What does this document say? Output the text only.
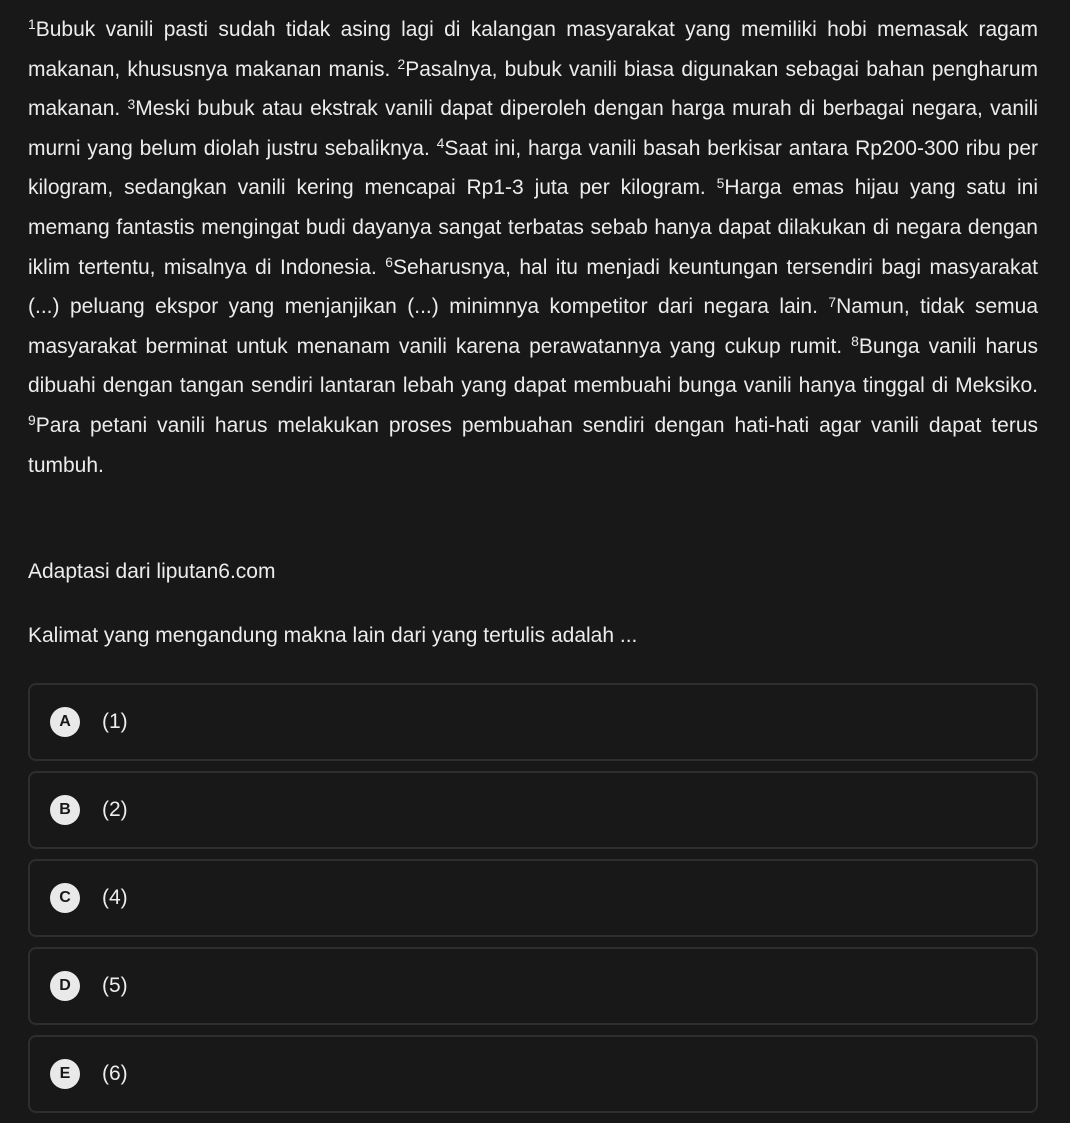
$^1$Bubuk vanili pasti sudah tidak asing lagi di kalangan masyarakat yang memiliki hobi memasak ragam makanan, khususnya makanan manis. $^2$Pasalnya, bubuk vanili biasa digunakan sebagai bahan pengharum makanan. $^3$Meski bubuk atau ekstrak vanili dapat diperoleh dengan harga murah di berbagai negara, vanili murni yang belum diolah justru sebaliknya. $^4$Saat ini, harga vanili basah berkisar antara Rp200-300 ribu per kilogram, sedangkan vanili kering mencapai Rp1-3 juta per kilogram. $^5$Harga emas hijau yang satu ini memang fantastis mengingat budi dayanya sangat terbatas sebab hanya dapat dilakukan di negara dengan iklim tertentu, misalnya di Indonesia. $^6$Seharusnya, hal itu menjadi keuntungan tersendiri bagi masyarakat (...) peluang ekspor yang menjanjikan (...) minimnya kompetitor dari negara lain. $^7$Namun, tidak semua masyarakat berminat untuk menanam vanili karena perawatannya yang cukup rumit. $^8$Bunga vanili harus dibuahi dengan tangan sendiri lantaran lebah yang dapat membuahi bunga vanili hanya tinggal di Meksiko. $^9$Para petani vanili harus melakukan proses pembuahan sendiri dengan hati-hati agar vanili dapat terus tumbuh.

Adaptasi dari liputan6.com

Kalimat yang mengandung makna lain dari yang tertulis adalah ...

A	(1)
B	(2)
C	(4)
D	(5)
E	(6)
